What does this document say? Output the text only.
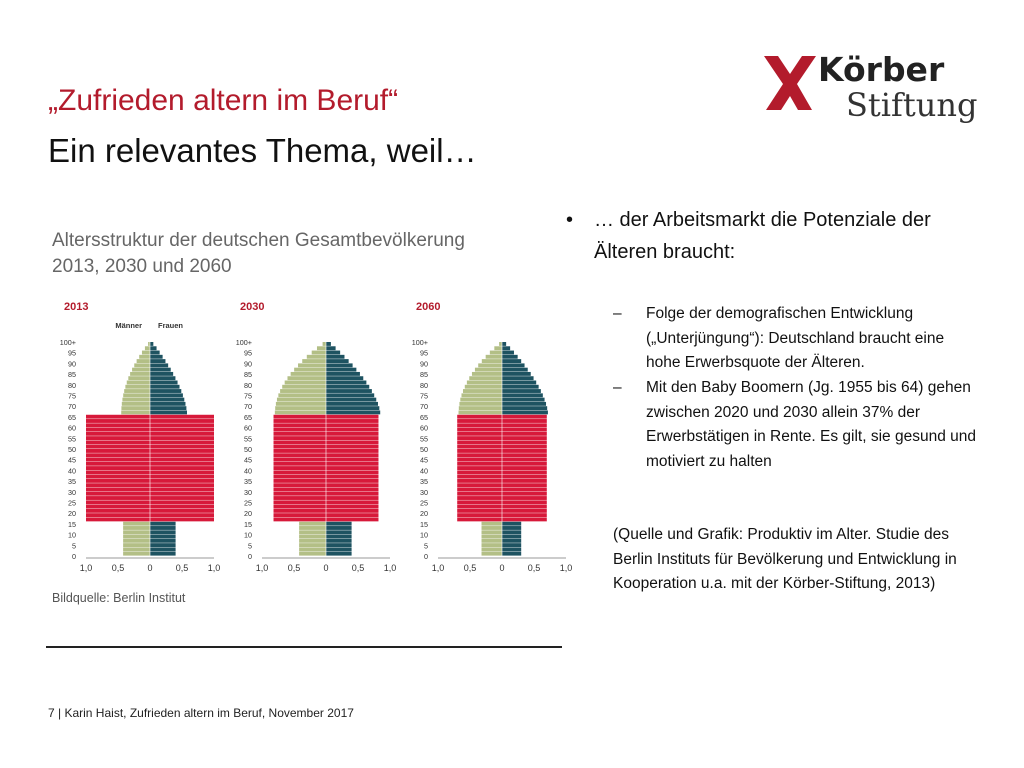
„Zufrieden altern im Beruf“
Ein relevantes Thema, weil…
Körber
Stiftung
Altersstruktur der deutschen Gesamtbevölkerung
2013, 2030 und 2060
2013
100+
95
90
85
80
75
70
65
60
55
50
45
40
35
30
25
20
15
10
5
0
1,0 0,5	0	0,5 1,0
Männer Frauen
2030
100+
95
90
85
80
75
70
65
60
55
50
45
40
35
30
25
20
15
10
5
0
1,0 0,5	0	0,5 1,0
2060
100+
95
90
85
80
75
70
65
60
55
50
45
40
35
30
25
20
15
10
5
0
1,0 0,5	0	0,5 1,0
Bildquelle: Berlin Institut
• … der Arbeitsmarkt die Potenziale der Älteren braucht:
– Folge der demografischen Entwicklung („Unterjüngung“): Deutschland braucht eine hohe Erwerbsquote der Älteren.
– Mit den Baby Boomern (Jg. 1955 bis 64) gehen zwischen 2020 und 2030 allein 37% der Erwerbstätigen in Rente. Es gilt, sie gesund und motiviert zu halten
(Quelle und Grafik: Produktiv im Alter. Studie des Berlin Instituts für Bevölkerung und Entwicklung in Kooperation u.a. mit der Körber-Stiftung, 2013)
7 | Karin Haist, Zufrieden altern im Beruf, November 2017
